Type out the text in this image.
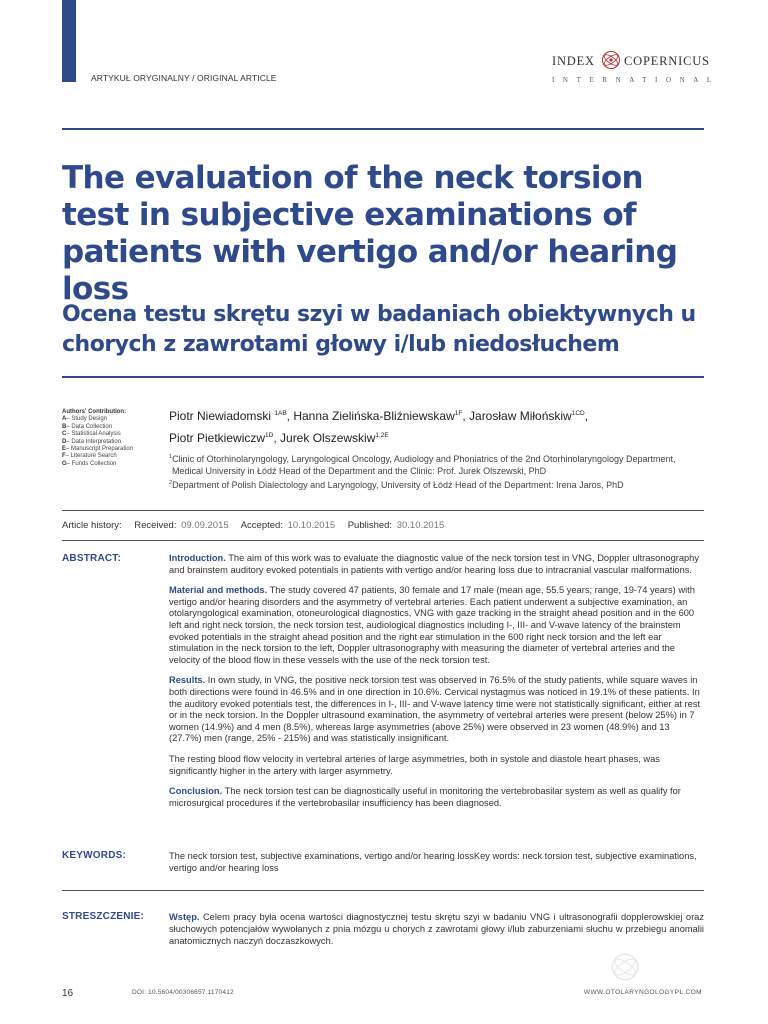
ARTYKUŁ ORYGINALNY / ORIGINAL ARTICLE
INDEX COPERNICUS
INTERNATIONAL
The evaluation of the neck torsion test in subjective examinations of patients with vertigo and/or hearing loss
Ocena testu skrętu szyi w badaniach obiektywnych u chorych z zawrotami głowy i/lub niedosłuchem
Authors' Contribution:
A– Study Design
B– Data Collection
C– Statistical Analysis
D– Data Interpretation
E– Manuscript Preparation
F– Literature Search
G– Funds Collection
Piotr Niewiadomski $^{1AB}$, Hanna Zielińska-Bliźniewskaw$^{1F}$, Jarosław Miłońskiw$^{1CD}$,
Piotr Pietkiewiczw$^{1D}$, Jurek Olszewskiw$^{1,2E}$
$^1$Clinic of Otorhinolaryngology, Laryngological Oncology, Audiology and Phoniatrics of the 2nd Otorhinolaryngology Department, Medical University in Łódź Head of the Department and the Clinic: Prof. Jurek Olszewski, PhD
$^2$Department of Polish Dialectology and Laryngology, University of Łódź Head of the Department: Irena Jaros, PhD
Article history: Received: 09.09.2015 Accepted: 10.10.2015 Published: 30.10.2015
ABSTRACT:	Introduction. The aim of this work was to evaluate the diagnostic value of the neck torsion test in VNG, Doppler ultrasonography and brainstem auditory evoked potentials in patients with vertigo and/or hearing loss due to intracranial vascular malformations.
Material and methods. The study covered 47 patients, 30 female and 17 male (mean age, 55.5 years; range, 19-74 years) with vertigo and/or hearing disorders and the asymmetry of vertebral arteries. Each patient underwent a subjective examination, an otolaryngological examination, otoneurological diagnostics, VNG with gaze tracking in the straight ahead position and in the 600 left and right neck torsion, the neck torsion test, audiological diagnostics including I-, III- and V-wave latency of the brainstem evoked potentials in the straight ahead position and the right ear stimulation in the 600 right neck torsion and the left ear stimulation in the neck torsion to the left, Doppler ultrasonography with measuring the diameter of vertebral arteries and the velocity of the blood flow in these vessels with the use of the neck torsion test.
Results. In own study, in VNG, the positive neck torsion test was observed in 76.5% of the study patients, while square waves in both directions were found in 46.5% and in one direction in 10.6%. Cervical nystagmus was noticed in 19.1% of these patients. In the auditory evoked potentials test, the differences in I-, III- and V-wave latency time were not statistically significant, either at rest or in the neck torsion. In the Doppler ultrasound examination, the asymmetry of vertebral arteries were present (below 25%) in 7 women (14.9%) and 4 men (8.5%), whereas large asymmetries (above 25%) were observed in 23 women (48.9%) and 13 (27.7%) men (range, 25% - 215%) and was statistically insignificant.
The resting blood flow velocity in vertebral arteries of large asymmetries, both in systole and diastole heart phases, was significantly higher in the artery with larger asymmetry.
Conclusion. The neck torsion test can be diagnostically useful in monitoring the vertebrobasilar system as well as qualify for microsurgical procedures if the vertebrobasilar insufficiency has been diagnosed.
KEYWORDS:	The neck torsion test, subjective examinations, vertigo and/or hearing lossKey words: neck torsion test, subjective examinations, vertigo and/or hearing loss
STRESZCZENIE:	Wstęp. Celem pracy była ocena wartości diagnostycznej testu skrętu szyi w badaniu VNG i ultrasonografii dopplerowskiej oraz słuchowych potencjałów wywołanych z pnia mózgu u chorych z zawrotami głowy i/lub zaburzeniami słuchu w przebiegu anomalii anatomicznych naczyń doczaszkowych.
16	DOI: 10.5604/00306657.1170412	WWW.OTOLARYNGOLOGYPL.COM
